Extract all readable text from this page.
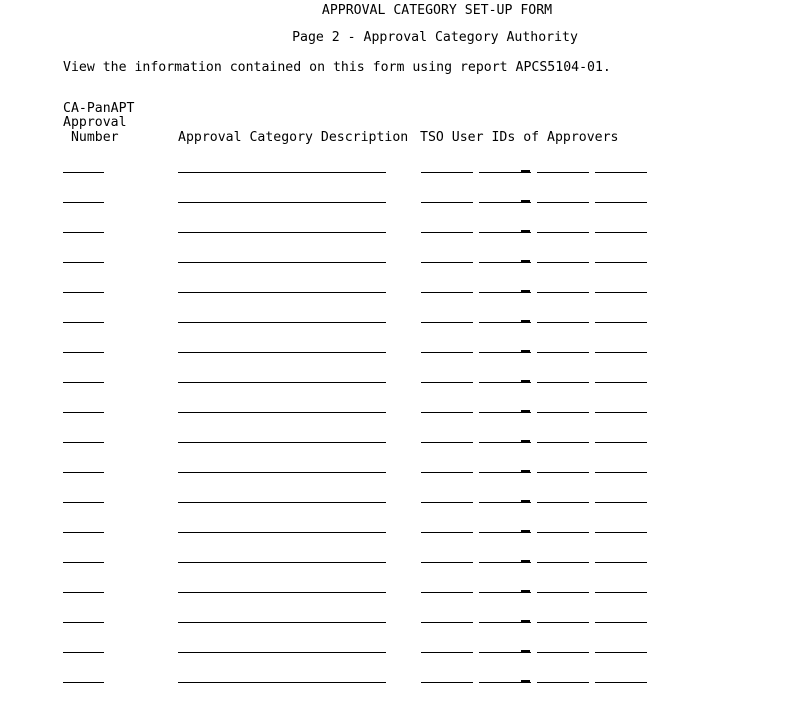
APPROVAL CATEGORY SET-UP FORM
Page 2 - Approval Category Authority
View the information contained on this form using report APCS5104-01.
CA-PanAPT
Approval
Number	Approval Category Description TSO User IDs of Approvers
